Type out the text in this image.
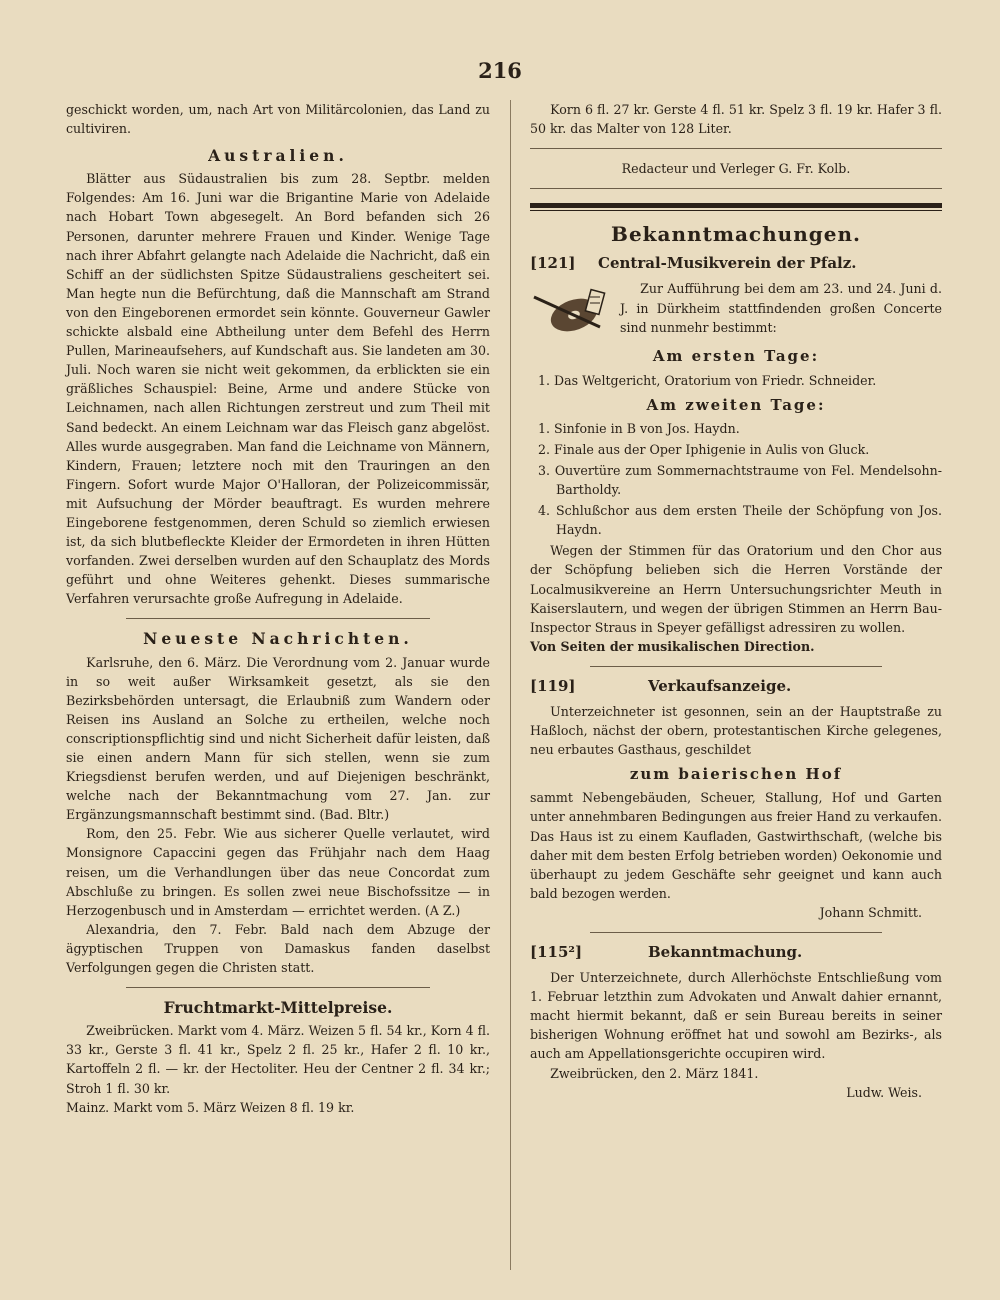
216

geschickt worden, um, nach Art von Militärcolonien, das Land zu cultiviren.

Australien.

Blätter aus Südaustralien bis zum 28. Septbr. melden Folgendes: Am 16. Juni war die Brigantine Marie von Adelaide nach Hobart Town abgesegelt. An Bord befanden sich 26 Personen, darunter mehrere Frauen und Kinder. Wenige Tage nach ihrer Abfahrt gelangte nach Adelaide die Nachricht, daß ein Schiff an der südlichsten Spitze Südaustraliens gescheitert sei. Man hegte nun die Befürchtung, daß die Mannschaft am Strand von den Eingeborenen ermordet sein könnte. Gouverneur Gawler schickte alsbald eine Abtheilung unter dem Befehl des Herrn Pullen, Marineaufsehers, auf Kundschaft aus. Sie landeten am 30. Juli. Noch waren sie nicht weit gekommen, da erblickten sie ein gräßliches Schauspiel: Beine, Arme und andere Stücke von Leichnamen, nach allen Richtungen zerstreut und zum Theil mit Sand bedeckt. An einem Leichnam war das Fleisch ganz abgelöst. Alles wurde ausgegraben. Man fand die Leichname von Männern, Kindern, Frauen; letztere noch mit den Trauringen an den Fingern. Sofort wurde Major O'Halloran, der Polizeicommissär, mit Aufsuchung der Mörder beauftragt. Es wurden mehrere Eingeborene festgenommen, deren Schuld so ziemlich erwiesen ist, da sich blutbefleckte Kleider der Ermordeten in ihren Hütten vorfanden. Zwei derselben wurden auf den Schauplatz des Mords geführt und ohne Weiteres gehenkt. Dieses summarische Verfahren verursachte große Aufregung in Adelaide.

Neueste Nachrichten.

Karlsruhe, den 6. März. Die Verordnung vom 2. Januar wurde in so weit außer Wirksamkeit gesetzt, als sie den Bezirksbehörden untersagt, die Erlaubniß zum Wandern oder Reisen ins Ausland an Solche zu ertheilen, welche noch conscriptionspflichtig sind und nicht Sicherheit dafür leisten, daß sie einen andern Mann für sich stellen, wenn sie zum Kriegsdienst berufen werden, und auf Diejenigen beschränkt, welche nach der Bekanntmachung vom 27. Jan. zur Ergänzungsmannschaft bestimmt sind. (Bad. Bltr.)

Rom, den 25. Febr. Wie aus sicherer Quelle verlautet, wird Monsignore Capaccini gegen das Frühjahr nach dem Haag reisen, um die Verhandlungen über das neue Concordat zum Abschluße zu bringen. Es sollen zwei neue Bischofssitze — in Herzogenbusch und in Amsterdam — errichtet werden. (A Z.)

Alexandria, den 7. Febr. Bald nach dem Abzuge der ägyptischen Truppen von Damaskus fanden daselbst Verfolgungen gegen die Christen statt.

Fruchtmarkt-Mittelpreise.

Zweibrücken. Markt vom 4. März. Weizen 5 fl. 54 kr., Korn 4 fl. 33 kr., Gerste 3 fl. 41 kr., Spelz 2 fl. 25 kr., Hafer 2 fl. 10 kr., Kartoffeln 2 fl. — kr. der Hectoliter. Heu der Centner 2 fl. 34 kr.; Stroh 1 fl. 30 kr.

Mainz. Markt vom 5. März Weizen 8 fl. 19 kr.

Korn 6 fl. 27 kr. Gerste 4 fl. 51 kr. Spelz 3 fl. 19 kr. Hafer 3 fl. 50 kr. das Malter von 128 Liter.

Redacteur und Verleger G. Fr. Kolb.

Bekanntmachungen.
[121] Central-Musikverein der Pfalz.

Zur Aufführung bei dem am 23. und 24. Juni d. J. in Dürkheim stattfindenden großen Concerte sind nunmehr bestimmt:

Am ersten Tage:

1. Das Weltgericht, Oratorium von Friedr. Schneider.

Am zweiten Tage:

1. Sinfonie in B von Jos. Haydn.

2. Finale aus der Oper Iphigenie in Aulis von Gluck.

3. Ouvertüre zum Sommernachtstraume von Fel. Mendelsohn-Bartholdy.

4. Schlußchor aus dem ersten Theile der Schöpfung von Jos. Haydn.

Wegen der Stimmen für das Oratorium und den Chor aus der Schöpfung belieben sich die Herren Vorstände der Localmusikvereine an Herrn Untersuchungsrichter Meuth in Kaiserslautern, und wegen der übrigen Stimmen an Herrn Bau-Inspector Straus in Speyer gefälligst adressiren zu wollen.

Von Seiten der musikalischen Direction.

[119]	Verkaufsanzeige.

Unterzeichneter ist gesonnen, sein an der Hauptstraße zu Haßloch, nächst der obern, protestantischen Kirche gelegenes, neu erbautes Gasthaus, geschildet

zum baierischen Hof

sammt Nebengebäuden, Scheuer, Stallung, Hof und Garten unter annehmbaren Bedingungen aus freier Hand zu verkaufen. Das Haus ist zu einem Kaufladen, Gastwirthschaft, (welche bis daher mit dem besten Erfolg betrieben worden) Oekonomie und überhaupt zu jedem Geschäfte sehr geeignet und kann auch bald bezogen werden.

Johann Schmitt.

[115²]	Bekanntmachung.

Der Unterzeichnete, durch Allerhöchste Entschließung vom 1. Februar letzthin zum Advokaten und Anwalt dahier ernannt, macht hiermit bekannt, daß er sein Bureau bereits in seiner bisherigen Wohnung eröffnet hat und sowohl am Bezirks-, als auch am Appellationsgerichte occupiren wird.

Zweibrücken, den 2. März 1841.

Ludw. Weis.
